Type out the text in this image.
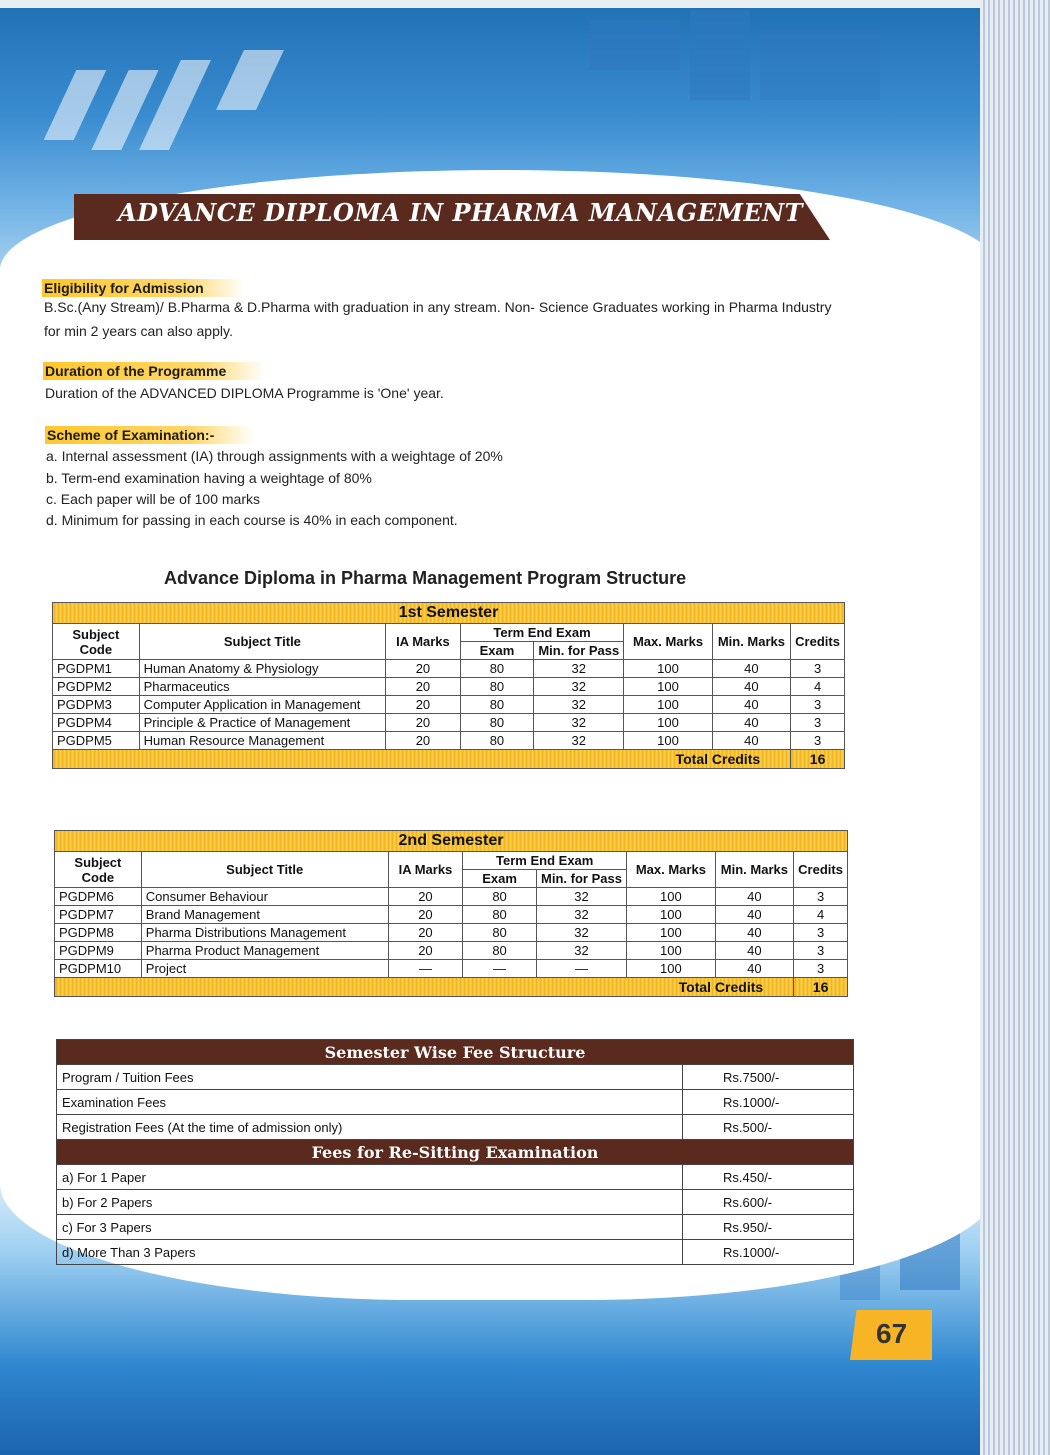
ADVANCE DIPLOMA IN PHARMA MANAGEMENT
Eligibility for Admission
B.Sc.(Any Stream)/ B.Pharma & D.Pharma with graduation in any stream. Non- Science Graduates working in Pharma Industry
for min 2 years can also apply.
Duration of the Programme
Duration of the ADVANCED DIPLOMA Programme is 'One' year.
Scheme of Examination:-
a. Internal assessment (IA) through assignments with a weightage of 20%
b. Term-end examination having a weightage of 80%
c. Each paper will be of 100 marks
d. Minimum for passing in each course is 40% in each component.
Advance Diploma in Pharma Management Program Structure
1st Semester							
Subject Code	Subject Title	IA Marks	Term End Exam		Max. Marks	Min. Marks	Credits
			Exam	Min. for Pass			
PGDPM1	Human Anatomy & Physiology	20	80	32	100	40	3
PGDPM2	Pharmaceutics	20	80	32	100	40	4
PGDPM3	Computer Application in Management	20	80	32	100	40	3
PGDPM4	Principle & Practice of Management	20	80	32	100	40	3
PGDPM5	Human Resource Management	20	80	32	100	40	3
Total Credits							16
2nd Semester							
Subject Code	Subject Title	IA Marks	Term End Exam		Max. Marks	Min. Marks	Credits
			Exam	Min. for Pass			
PGDPM6	Consumer Behaviour	20	80	32	100	40	3
PGDPM7	Brand Management	20	80	32	100	40	4
PGDPM8	Pharma Distributions Management	20	80	32	100	40	3
PGDPM9	Pharma Product Management	20	80	32	100	40	3
PGDPM10	Project	—	—	—	100	40	3
Total Credits							16
Semester Wise Fee Structure	
Program / Tuition Fees	Rs.7500/-
Examination Fees	Rs.1000/-
Registration Fees (At the time of admission only)	Rs.500/-
Fees for Re-Sitting Examination	
a) For 1 Paper	Rs.450/-
b) For 2 Papers	Rs.600/-
c) For 3 Papers	Rs.950/-
d) More Than 3 Papers	Rs.1000/-
67
